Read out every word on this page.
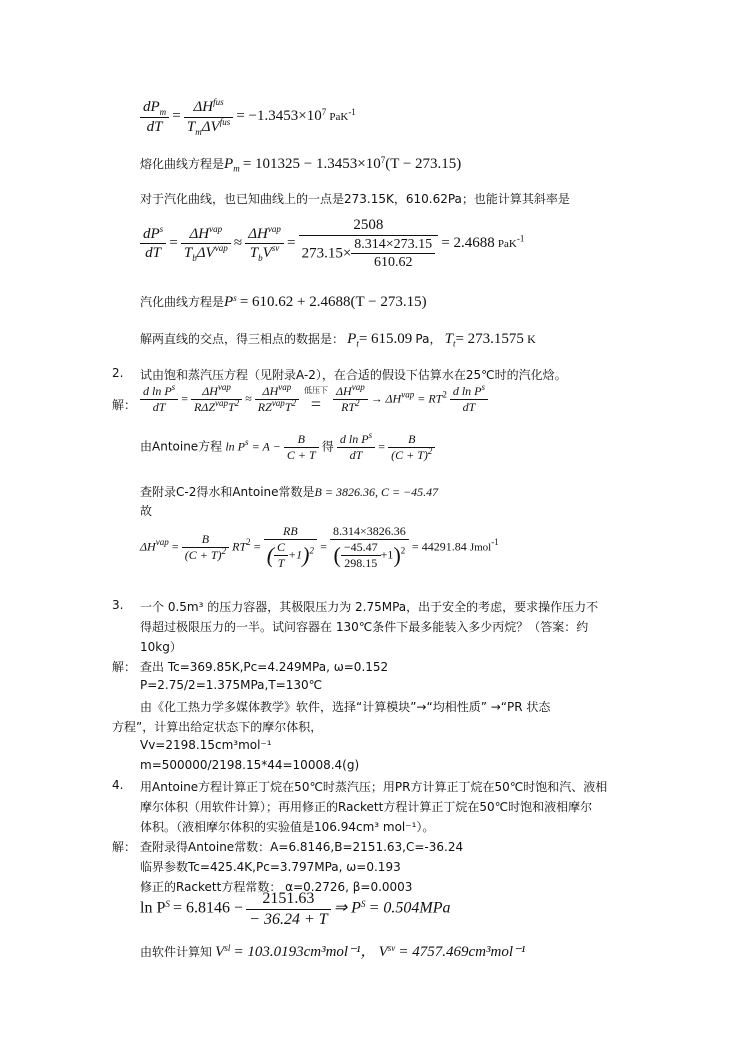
$\frac{dP_m}{dT} = \frac{\Delta H^{fus}}{T_m\Delta V^{fus}} = -1.3453\times 10^7$ PaK$^{-1}$
熔化曲线方程是$P_m = 101325 - 1.3453\times 10^7(T - 273.15)$
对于汽化曲线，也已知曲线上的一点是273.15K，610.62Pa；也能计算其斜率是
$\frac{dP^s}{dT} = \frac{\Delta H^{vap}}{T_b\Delta V^{vap}} \approx \frac{\Delta H^{vap}}{T_bV^{sv}} = \frac{2508}{273.15\times \frac{8.314\times 273.15}{610.62}} = 2.4688$ PaK$^{-1}$
汽化曲线方程是$P^s = 610.62 + 2.4688(T - 273.15)$
解两直线的交点，得三相点的数据是： $P_t= 615.09$ Pa， $T_t= 273.1575$ K
2. 试由饱和蒸汽压方程（见附录A-2），在合适的假设下估算水在25℃时的汽化焓。
解： $\frac{d \ln P^s}{dT} = \frac{\Delta H^{vap}}{R\Delta Z^{vap}T^2} \approx \frac{\Delta H^{vap}}{RZ^{vap}T^2}$
低压下
=
$\frac{\Delta H^{vap}}{RT^2} \to \Delta H^{vap} = RT^2 \frac{d \ln P^s}{dT}$
由Antoine方程 $\ln P^s = A - \frac{B}{C + T}$ 得 $\frac{d \ln P^s}{dT} = \frac{B}{(C + T)^2}$
查附录C-2得水和Antoine常数是B = 3826.36, C = −45.47
故
$\Delta H^{vap} = \frac{B}{(C + T)^2} RT^2 = \frac{RB}{( \frac{C}{T} +1)^2} = \frac{8.314\times 3826.36}{( \frac{-45.47}{298.15} +1)^2} = 44291.84$ Jmol$^{-1}$
3. 一个 0.5m³ 的压力容器，其极限压力为 2.75MPa，出于安全的考虑，要求操作压力不
得超过极限压力的一半。试问容器在 130℃条件下最多能装入多少丙烷？（答案：约
10kg）
解： 查出 Tc=369.85K,Pc=4.249MPa, ω=0.152
P=2.75/2=1.375MPa,T=130℃
由《化工热力学多媒体教学》软件，选择“计算模块”→“均相性质” →“PR 状态
方程”，计算出给定状态下的摩尔体积，
Vv=2198.15cm³mol⁻¹
m=500000/2198.15*44=10008.4(g)
4. 用Antoine方程计算正丁烷在50℃时蒸汽压；用PR方计算正丁烷在50℃时饱和汽、液相
摩尔体积（用软件计算）；再用修正的Rackett方程计算正丁烷在50℃时饱和液相摩尔
体积。（液相摩尔体积的实验值是106.94cm³ mol⁻¹）。
解： 查附录得Antoine常数：A=6.8146,B=2151.63,C=-36.24
临界参数Tc=425.4K,Pc=3.797MPa, ω=0.193
修正的Rackett方程常数： α=0.2726, β=0.0003
$\ln P^S = 6.8146 - \frac{2151.63}{- 36.24 + T}$ ⇒ $P^S = 0.504MPa$
由软件计算知 $V^{sl} = 103.0193cm^3mol^{-1}$， $V^{sv} = 4757.469cm^3mol^{-1}$
